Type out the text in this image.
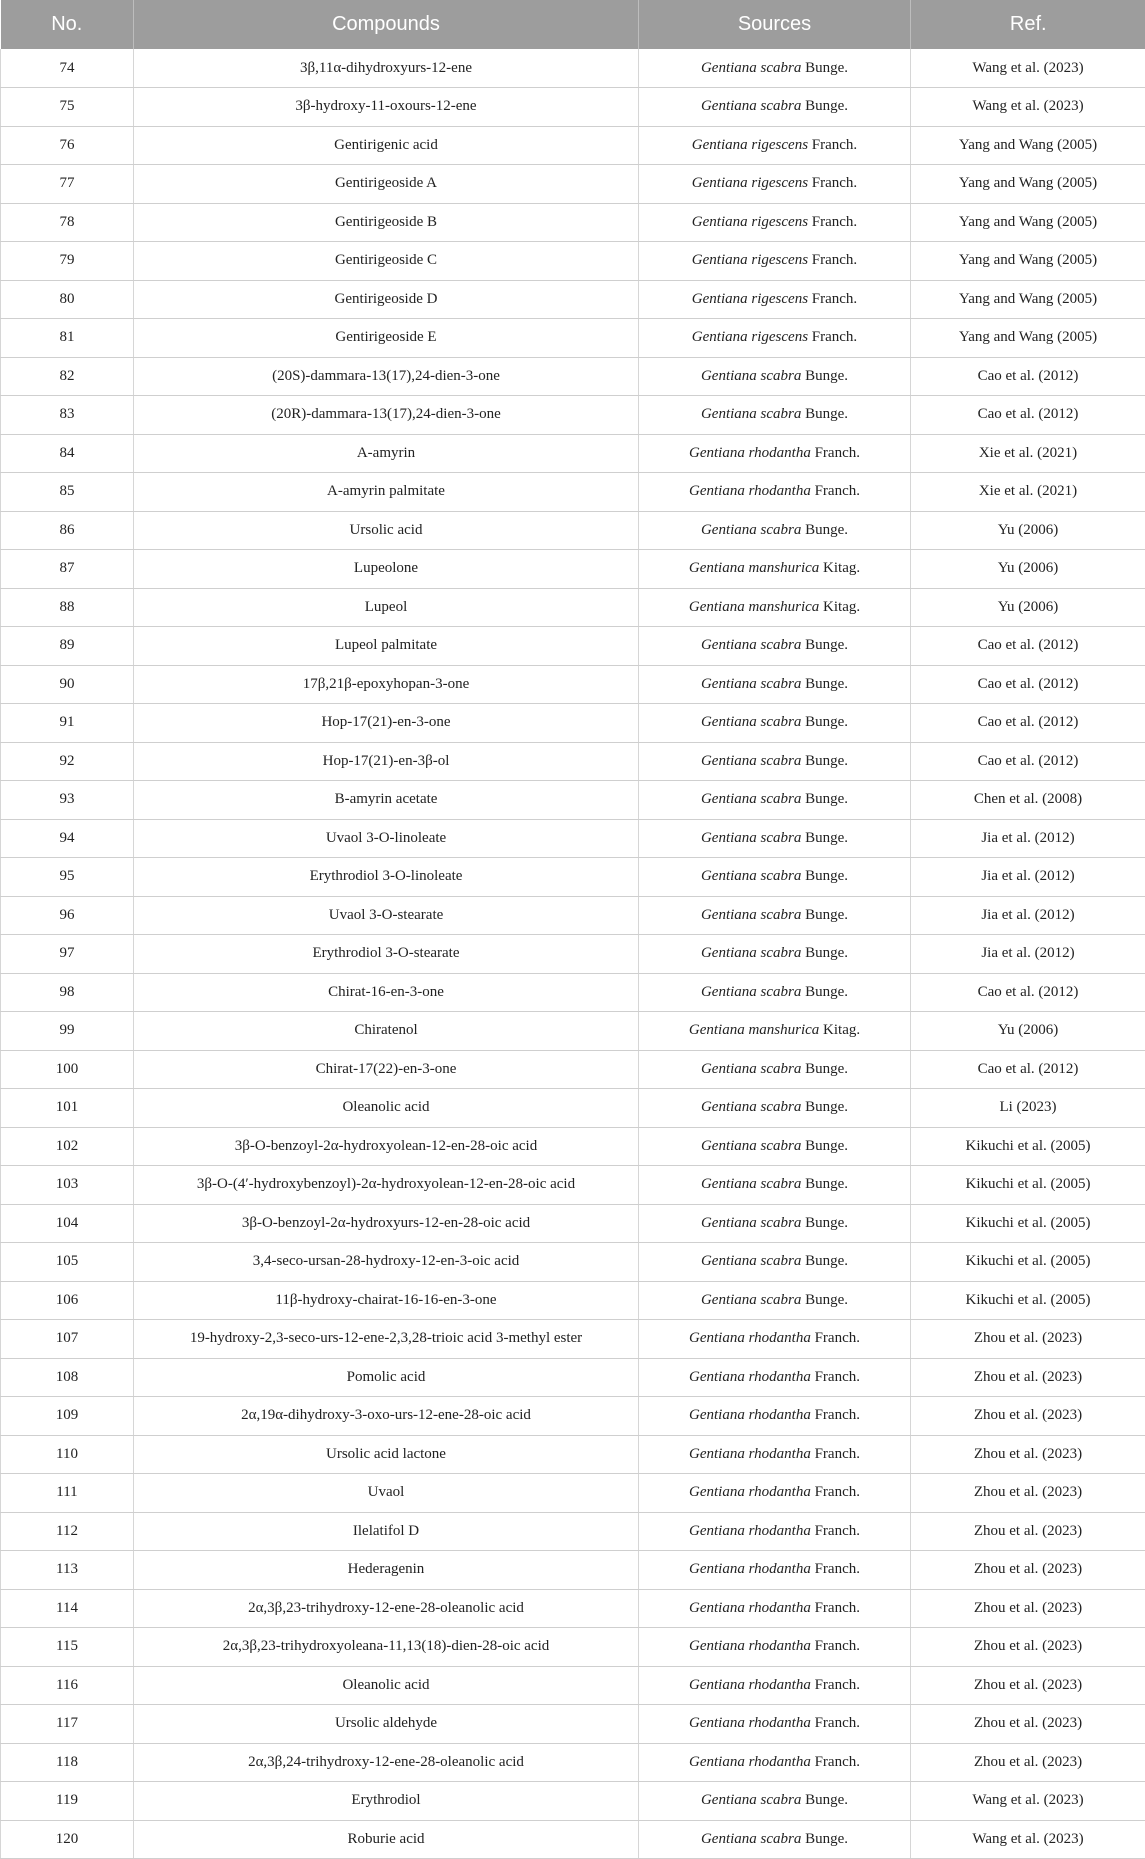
No.	Compounds	Sources	Ref.
74	3β,11α-dihydroxyurs-12-ene	Gentiana scabra Bunge.	Wang et al. (2023)
75	3β-hydroxy-11-oxours-12-ene	Gentiana scabra Bunge.	Wang et al. (2023)
76	Gentirigenic acid	Gentiana rigescens Franch.	Yang and Wang (2005)
77	Gentirigeoside A	Gentiana rigescens Franch.	Yang and Wang (2005)
78	Gentirigeoside B	Gentiana rigescens Franch.	Yang and Wang (2005)
79	Gentirigeoside C	Gentiana rigescens Franch.	Yang and Wang (2005)
80	Gentirigeoside D	Gentiana rigescens Franch.	Yang and Wang (2005)
81	Gentirigeoside E	Gentiana rigescens Franch.	Yang and Wang (2005)
82	(20S)-dammara-13(17),24-dien-3-one	Gentiana scabra Bunge.	Cao et al. (2012)
83	(20R)-dammara-13(17),24-dien-3-one	Gentiana scabra Bunge.	Cao et al. (2012)
84	A-amyrin	Gentiana rhodantha Franch.	Xie et al. (2021)
85	A-amyrin palmitate	Gentiana rhodantha Franch.	Xie et al. (2021)
86	Ursolic acid	Gentiana scabra Bunge.	Yu (2006)
87	Lupeolone	Gentiana manshurica Kitag.	Yu (2006)
88	Lupeol	Gentiana manshurica Kitag.	Yu (2006)
89	Lupeol palmitate	Gentiana scabra Bunge.	Cao et al. (2012)
90	17β,21β-epoxyhopan-3-one	Gentiana scabra Bunge.	Cao et al. (2012)
91	Hop-17(21)-en-3-one	Gentiana scabra Bunge.	Cao et al. (2012)
92	Hop-17(21)-en-3β-ol	Gentiana scabra Bunge.	Cao et al. (2012)
93	B-amyrin acetate	Gentiana scabra Bunge.	Chen et al. (2008)
94	Uvaol 3-O-linoleate	Gentiana scabra Bunge.	Jia et al. (2012)
95	Erythrodiol 3-O-linoleate	Gentiana scabra Bunge.	Jia et al. (2012)
96	Uvaol 3-O-stearate	Gentiana scabra Bunge.	Jia et al. (2012)
97	Erythrodiol 3-O-stearate	Gentiana scabra Bunge.	Jia et al. (2012)
98	Chirat-16-en-3-one	Gentiana scabra Bunge.	Cao et al. (2012)
99	Chiratenol	Gentiana manshurica Kitag.	Yu (2006)
100	Chirat-17(22)-en-3-one	Gentiana scabra Bunge.	Cao et al. (2012)
101	Oleanolic acid	Gentiana scabra Bunge.	Li (2023)
102	3β-O-benzoyl-2α-hydroxyolean-12-en-28-oic acid	Gentiana scabra Bunge.	Kikuchi et al. (2005)
103	3β-O-(4′-hydroxybenzoyl)-2α-hydroxyolean-12-en-28-oic acid	Gentiana scabra Bunge.	Kikuchi et al. (2005)
104	3β-O-benzoyl-2α-hydroxyurs-12-en-28-oic acid	Gentiana scabra Bunge.	Kikuchi et al. (2005)
105	3,4-seco-ursan-28-hydroxy-12-en-3-oic acid	Gentiana scabra Bunge.	Kikuchi et al. (2005)
106	11β-hydroxy-chairat-16-16-en-3-one	Gentiana scabra Bunge.	Kikuchi et al. (2005)
107	19-hydroxy-2,3-seco-urs-12-ene-2,3,28-trioic acid 3-methyl ester	Gentiana rhodantha Franch.	Zhou et al. (2023)
108	Pomolic acid	Gentiana rhodantha Franch.	Zhou et al. (2023)
109	2α,19α-dihydroxy-3-oxo-urs-12-ene-28-oic acid	Gentiana rhodantha Franch.	Zhou et al. (2023)
110	Ursolic acid lactone	Gentiana rhodantha Franch.	Zhou et al. (2023)
111	Uvaol	Gentiana rhodantha Franch.	Zhou et al. (2023)
112	Ilelatifol D	Gentiana rhodantha Franch.	Zhou et al. (2023)
113	Hederagenin	Gentiana rhodantha Franch.	Zhou et al. (2023)
114	2α,3β,23-trihydroxy-12-ene-28-oleanolic acid	Gentiana rhodantha Franch.	Zhou et al. (2023)
115	2α,3β,23-trihydroxyoleana-11,13(18)-dien-28-oic acid	Gentiana rhodantha Franch.	Zhou et al. (2023)
116	Oleanolic acid	Gentiana rhodantha Franch.	Zhou et al. (2023)
117	Ursolic aldehyde	Gentiana rhodantha Franch.	Zhou et al. (2023)
118	2α,3β,24-trihydroxy-12-ene-28-oleanolic acid	Gentiana rhodantha Franch.	Zhou et al. (2023)
119	Erythrodiol	Gentiana scabra Bunge.	Wang et al. (2023)
120	Roburie acid	Gentiana scabra Bunge.	Wang et al. (2023)
